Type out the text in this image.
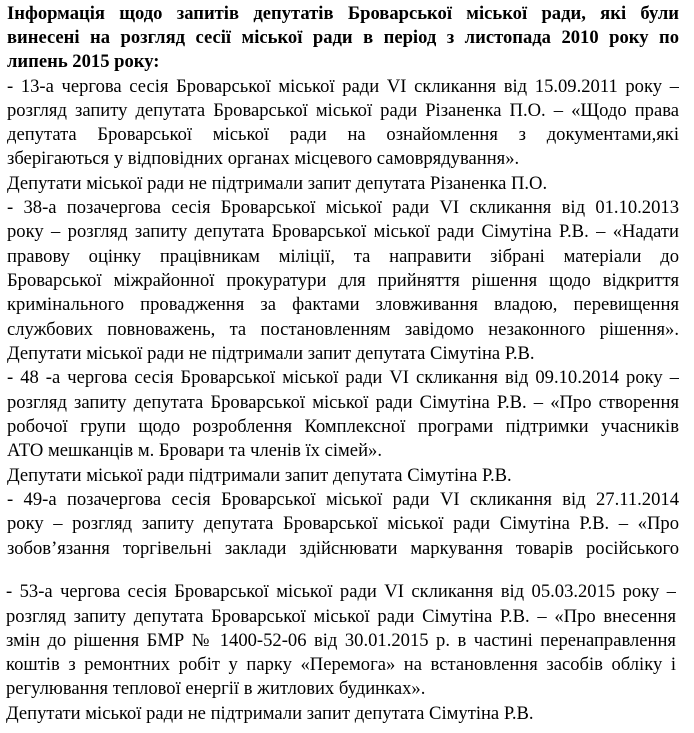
Інформація щодо запитів депутатів Броварської міської ради, які були
винесені на розгляд сесії міської ради в період з листопада 2010 року по
липень 2015 року:
- 13-а чергова сесія Броварської міської ради VI скликання від 15.09.2011 року –
розгляд запиту депутата Броварської міської ради Різаненка П.О. – «Щодо права
депутата Броварської міської ради на ознайомлення з документами,які
зберігаються у відповідних органах місцевого самоврядування».
Депутати міської ради не підтримали запит депутата Різаненка П.О.
- 38-а позачергова сесія Броварської міської ради VI скликання від 01.10.2013
року – розгляд запиту депутата Броварської міської ради Сімутіна Р.В. – «Надати
правову оцінку працівникам міліції, та направити зібрані матеріали до
Броварської міжрайонної прокуратури для прийняття рішення щодо відкриття
кримінального провадження за фактами зловживання владою, перевищення
службових повноважень, та постановленням завідомо незаконного рішення».
Депутати міської ради не підтримали запит депутата Сімутіна Р.В.
- 48 -а чергова сесія Броварської міської ради VI скликання від 09.10.2014 року –
розгляд запиту депутата Броварської міської ради Сімутіна Р.В. – «Про створення
робочої групи щодо розроблення Комплексної програми підтримки учасників
АТО мешканців м. Бровари та членів їх сімей».
Депутати міської ради підтримали запит депутата Сімутіна Р.В.
- 49-а позачергова сесія Броварської міської ради VI скликання від 27.11.2014
року – розгляд запиту депутата Броварської міської ради Сімутіна Р.В. – «Про
зобов’язання торгівельні заклади здійснювати маркування товарів російського
- 53-а чергова сесія Броварської міської ради VI скликання від 05.03.2015 року –
розгляд запиту депутата Броварської міської ради Сімутіна Р.В. – «Про внесення
змін до рішення БМР № 1400-52-06 від 30.01.2015 р. в частині перенаправлення
коштів з ремонтних робіт у парку «Перемога» на встановлення засобів обліку і
регулювання теплової енергії в житлових будинках».
Депутати міської ради не підтримали запит депутата Сімутіна Р.В.
